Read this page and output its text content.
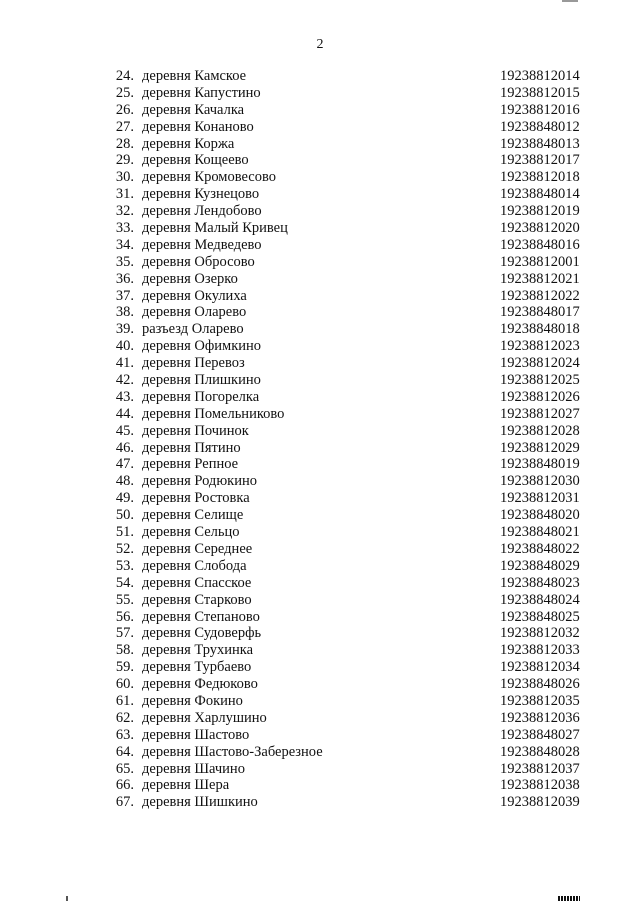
2
24. деревня Камское	19238812014
25. деревня Капустино	19238812015
26. деревня Качалка	19238812016
27. деревня Конаново	19238848012
28. деревня Коржа	19238848013
29. деревня Кощеево	19238812017
30. деревня Кромовесово	19238812018
31. деревня Кузнецово	19238848014
32. деревня Лендобово	19238812019
33. деревня Малый Кривец	19238812020
34. деревня Медведево	19238848016
35. деревня Обросово	19238812001
36. деревня Озерко	19238812021
37. деревня Окулиха	19238812022
38. деревня Оларево	19238848017
39. разъезд Оларево	19238848018
40. деревня Офимкино	19238812023
41. деревня Перевоз	19238812024
42. деревня Плишкино	19238812025
43. деревня Погорелка	19238812026
44. деревня Помельниково	19238812027
45. деревня Починок	19238812028
46. деревня Пятино	19238812029
47. деревня Репное	19238848019
48. деревня Родюкино	19238812030
49. деревня Ростовка	19238812031
50. деревня Селище	19238848020
51. деревня Сельцо	19238848021
52. деревня Середнее	19238848022
53. деревня Слобода	19238848029
54. деревня Спасское	19238848023
55. деревня Старково	19238848024
56. деревня Степаново	19238848025
57. деревня Судоверфь	19238812032
58. деревня Трухинка	19238812033
59. деревня Турбаево	19238812034
60. деревня Федюково	19238848026
61. деревня Фокино	19238812035
62. деревня Харлушино	19238812036
63. деревня Шастово	19238848027
64. деревня Шастово-Заберезное	19238848028
65. деревня Шачино	19238812037
66. деревня Шера	19238812038
67. деревня Шишкино	19238812039
